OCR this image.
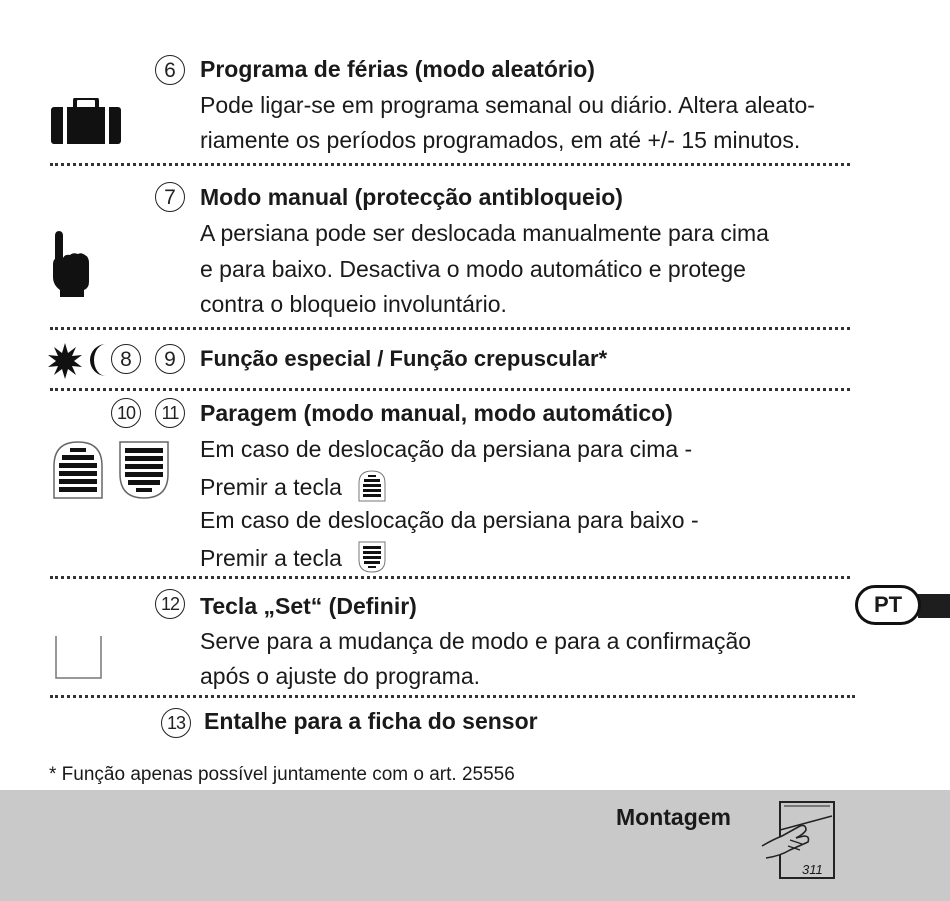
6	Programa de férias (modo aleatório)
Pode ligar-se em programa semanal ou diário. Altera aleato-
riamente os períodos programados, em até +/- 15 minutos.
7	Modo manual (protecção antibloqueio)
A persiana pode ser deslocada manualmente para cima
e para baixo. Desactiva o modo automático e protege
contra o bloqueio involuntário.
8	9	Função especial / Função crepuscular*
10	11 Paragem (modo manual, modo automático)
Em caso de deslocação da persiana para cima -
Premir a tecla
Em caso de deslocação da persiana para baixo -
Premir a tecla
12 Tecla „Set“ (Definir)
Serve para a mudança de modo e para a confirmação
após o ajuste do programa.
13 Entalhe para a ficha do sensor
* Função apenas possível juntamente com o art. 25556
PT
Montagem
311
